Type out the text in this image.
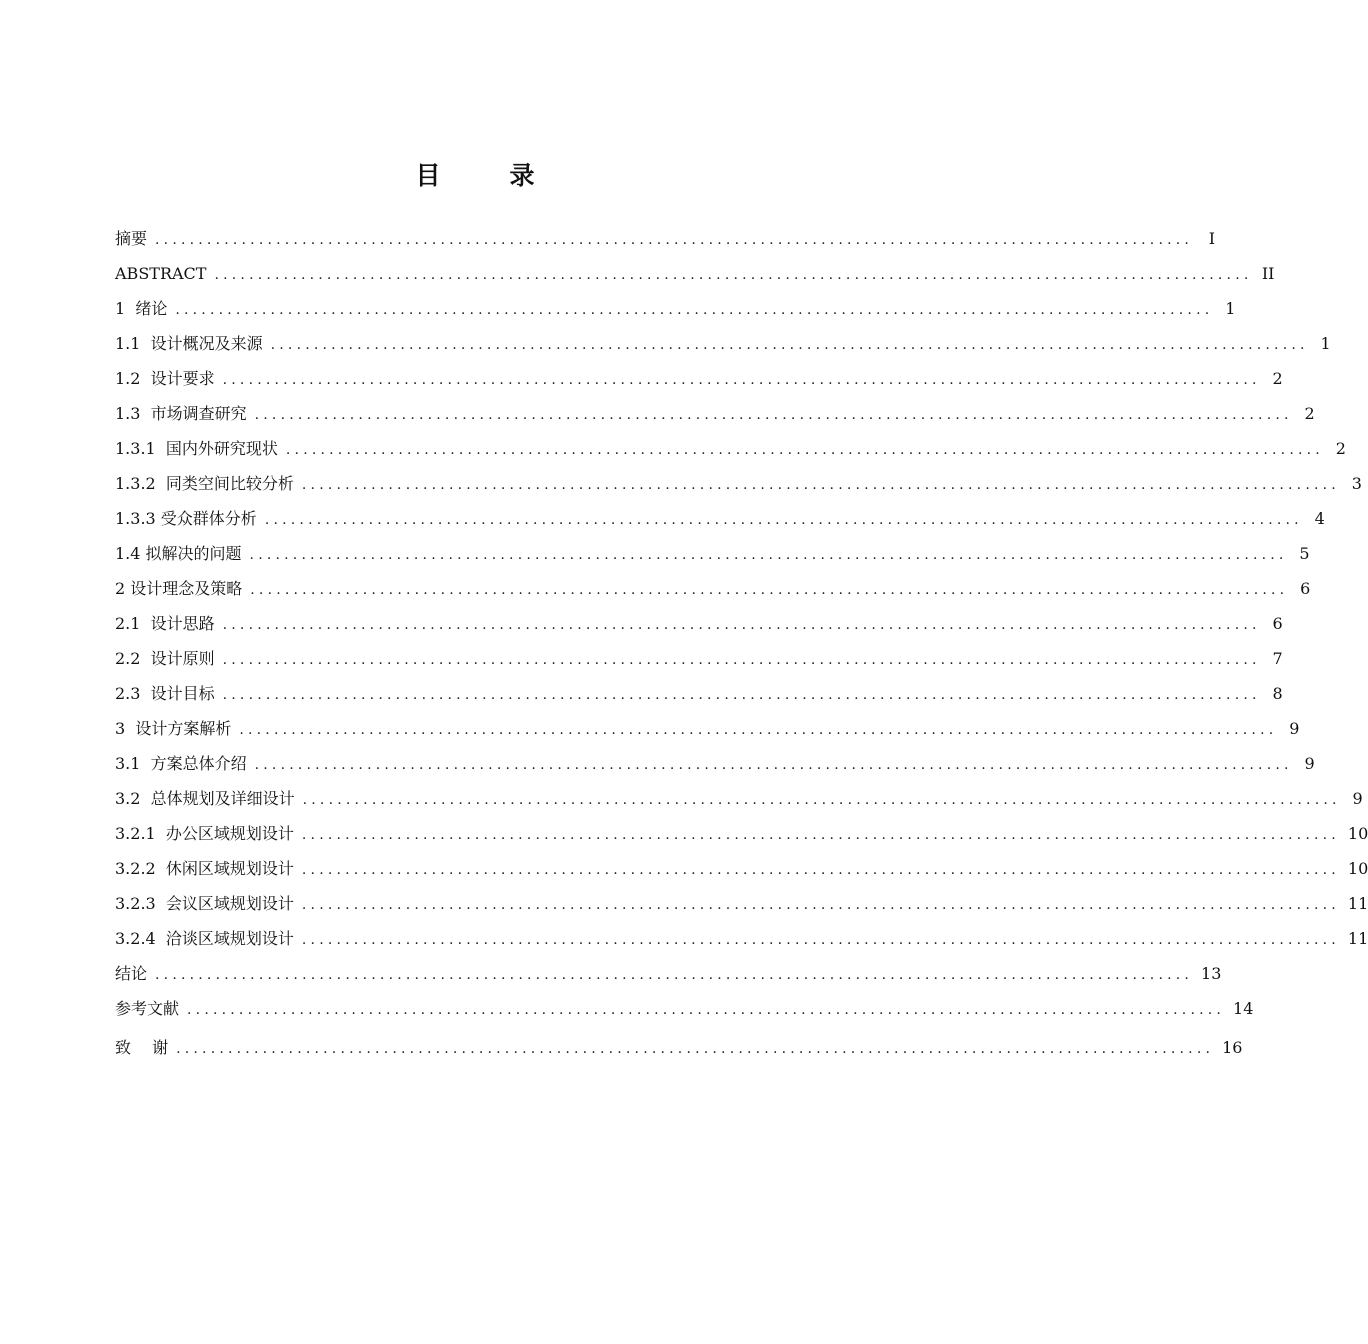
目　录
摘要 ........................................................................................................................ I
ABSTRACT ........................................................................................................................ II
1  绪论 ........................................................................................................................ 1
1.1  设计概况及来源 ........................................................................................................................ 1
1.2  设计要求 ........................................................................................................................ 2
1.3  市场调查研究 ........................................................................................................................ 2
1.3.1  国内外研究现状 ........................................................................................................................ 2
1.3.2  同类空间比较分析 ........................................................................................................................ 3
1.3.3 受众群体分析 ........................................................................................................................ 4
1.4 拟解决的问题 ........................................................................................................................ 5
2 设计理念及策略 ........................................................................................................................ 6
2.1  设计思路 ........................................................................................................................ 6
2.2  设计原则 ........................................................................................................................ 7
2.3  设计目标 ........................................................................................................................ 8
3  设计方案解析 ........................................................................................................................ 9
3.1  方案总体介绍 ........................................................................................................................ 9
3.2  总体规划及详细设计 ........................................................................................................................ 9
3.2.1  办公区域规划设计 ........................................................................................................................ 10
3.2.2  休闲区域规划设计 ........................................................................................................................ 10
3.2.3  会议区域规划设计 ........................................................................................................................ 11
3.2.4  洽谈区域规划设计 ........................................................................................................................ 11
结论 ........................................................................................................................ 13
参考文献 ........................................................................................................................ 14
致　 谢 ........................................................................................................................ 16
